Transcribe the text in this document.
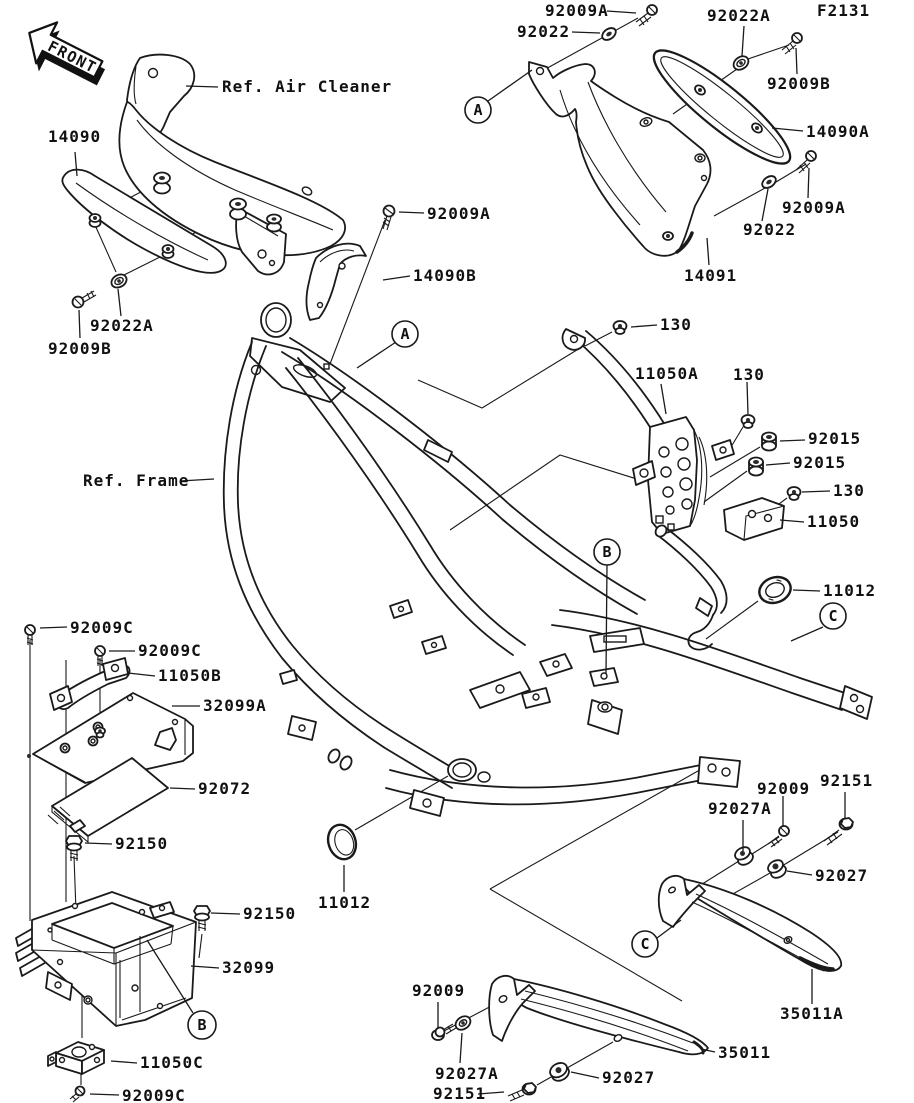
FRONT
F2131
92009A
92022
92022A
92009B
14090A
92009A
92022
14091
92009A
14090B
Ref. Air Cleaner
14090
92022A
92009B
130
11050A 130
92015
92015
130
11050
11012
Ref. Frame
92009C
92009C
11050B
32099A
92072
92150
92150
11012
32099
11050C
92009C
92009
92027A
92151
92027
35011
92027A
92009 92151
92027
35011A
A
A
B
B
C
C
